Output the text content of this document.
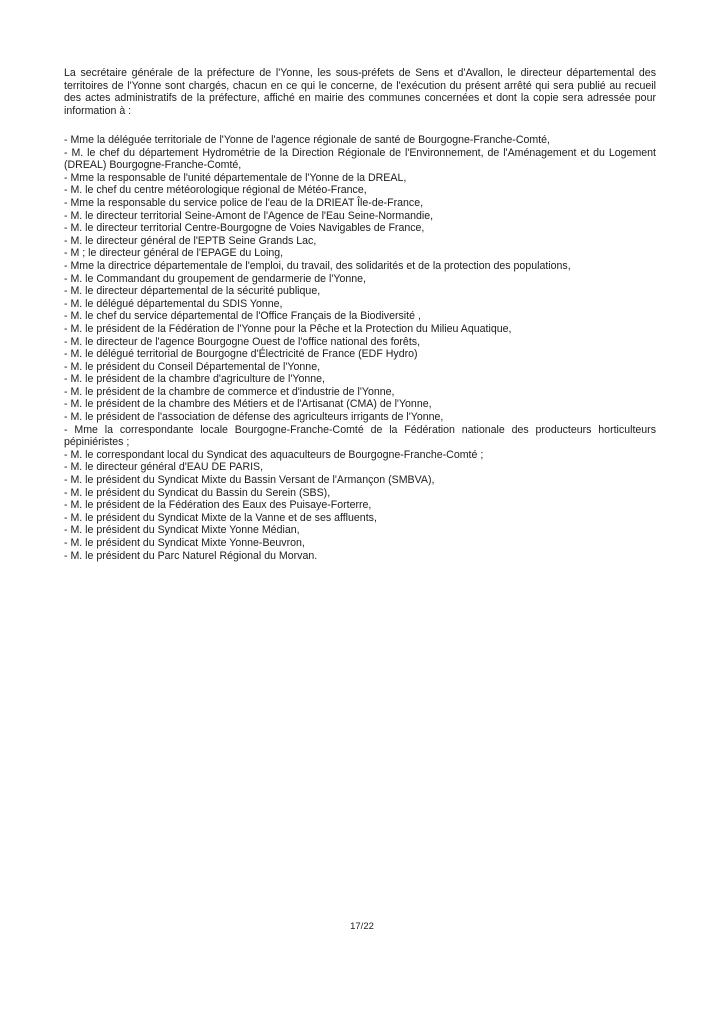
La secrétaire générale de la préfecture de l'Yonne, les sous-préfets de Sens et d'Avallon, le directeur départemental des territoires de l'Yonne sont chargés, chacun en ce qui le concerne, de l'exécution du présent arrêté qui sera publié au recueil des actes administratifs de la préfecture, affiché en mairie des communes concernées et dont la copie sera adressée pour information à :

- Mme la déléguée territoriale de l'Yonne de l'agence régionale de santé de Bourgogne-Franche-Comté,
- M. le chef du département Hydrométrie de la Direction Régionale de l'Environnement, de l'Aménagement et du Logement (DREAL) Bourgogne-Franche-Comté,
- Mme la responsable de l'unité départementale de l'Yonne de la DREAL,
- M. le chef du centre météorologique régional de Météo-France,
- Mme la responsable du service police de l'eau de la DRIEAT Île-de-France,
- M. le directeur territorial Seine-Amont de l'Agence de l'Eau Seine-Normandie,
- M. le directeur territorial Centre-Bourgogne de Voies Navigables de France,
- M. le directeur général de l'EPTB Seine Grands Lac,
- M ; le directeur général de l'EPAGE du Loing,
- Mme la directrice départementale de l'emploi, du travail, des solidarités et de la protection des populations,
- M. le Commandant du groupement de gendarmerie de l'Yonne,
- M. le directeur départemental de la sécurité publique,
- M. le délégué départemental du SDIS Yonne,
- M. le chef du service départemental de l'Office Français de la Biodiversité ,
- M. le président de la Fédération de l'Yonne pour la Pêche et la Protection du Milieu Aquatique,
- M. le directeur de l'agence Bourgogne Ouest de l'office national des forêts,
- M. le délégué territorial de Bourgogne d'Électricité de France (EDF Hydro)
- M. le président du Conseil Départemental de l'Yonne,
- M. le président de la chambre d'agriculture de l'Yonne,
- M. le président de la chambre de commerce et d'industrie de l'Yonne,
- M. le président de la chambre des Métiers et de l'Artisanat (CMA) de l'Yonne,
- M. le président de l'association de défense des agriculteurs irrigants de l'Yonne,
- Mme la correspondante locale Bourgogne-Franche-Comté de la Fédération nationale des producteurs horticulteurs pépiniéristes ;
- M. le correspondant local du Syndicat des aquaculteurs de Bourgogne-Franche-Comté ;
- M. le directeur général d'EAU DE PARIS,
- M. le président du Syndicat Mixte du Bassin Versant de l'Armançon (SMBVA),
- M. le président du Syndicat du Bassin du Serein (SBS),
- M. le président de la Fédération des Eaux des Puisaye-Forterre,
- M. le président du Syndicat Mixte de la Vanne et de ses affluents,
- M. le président du Syndicat Mixte Yonne Médian,
- M. le président du Syndicat Mixte Yonne-Beuvron,
- M. le président du Parc Naturel Régional du Morvan.
17/22
